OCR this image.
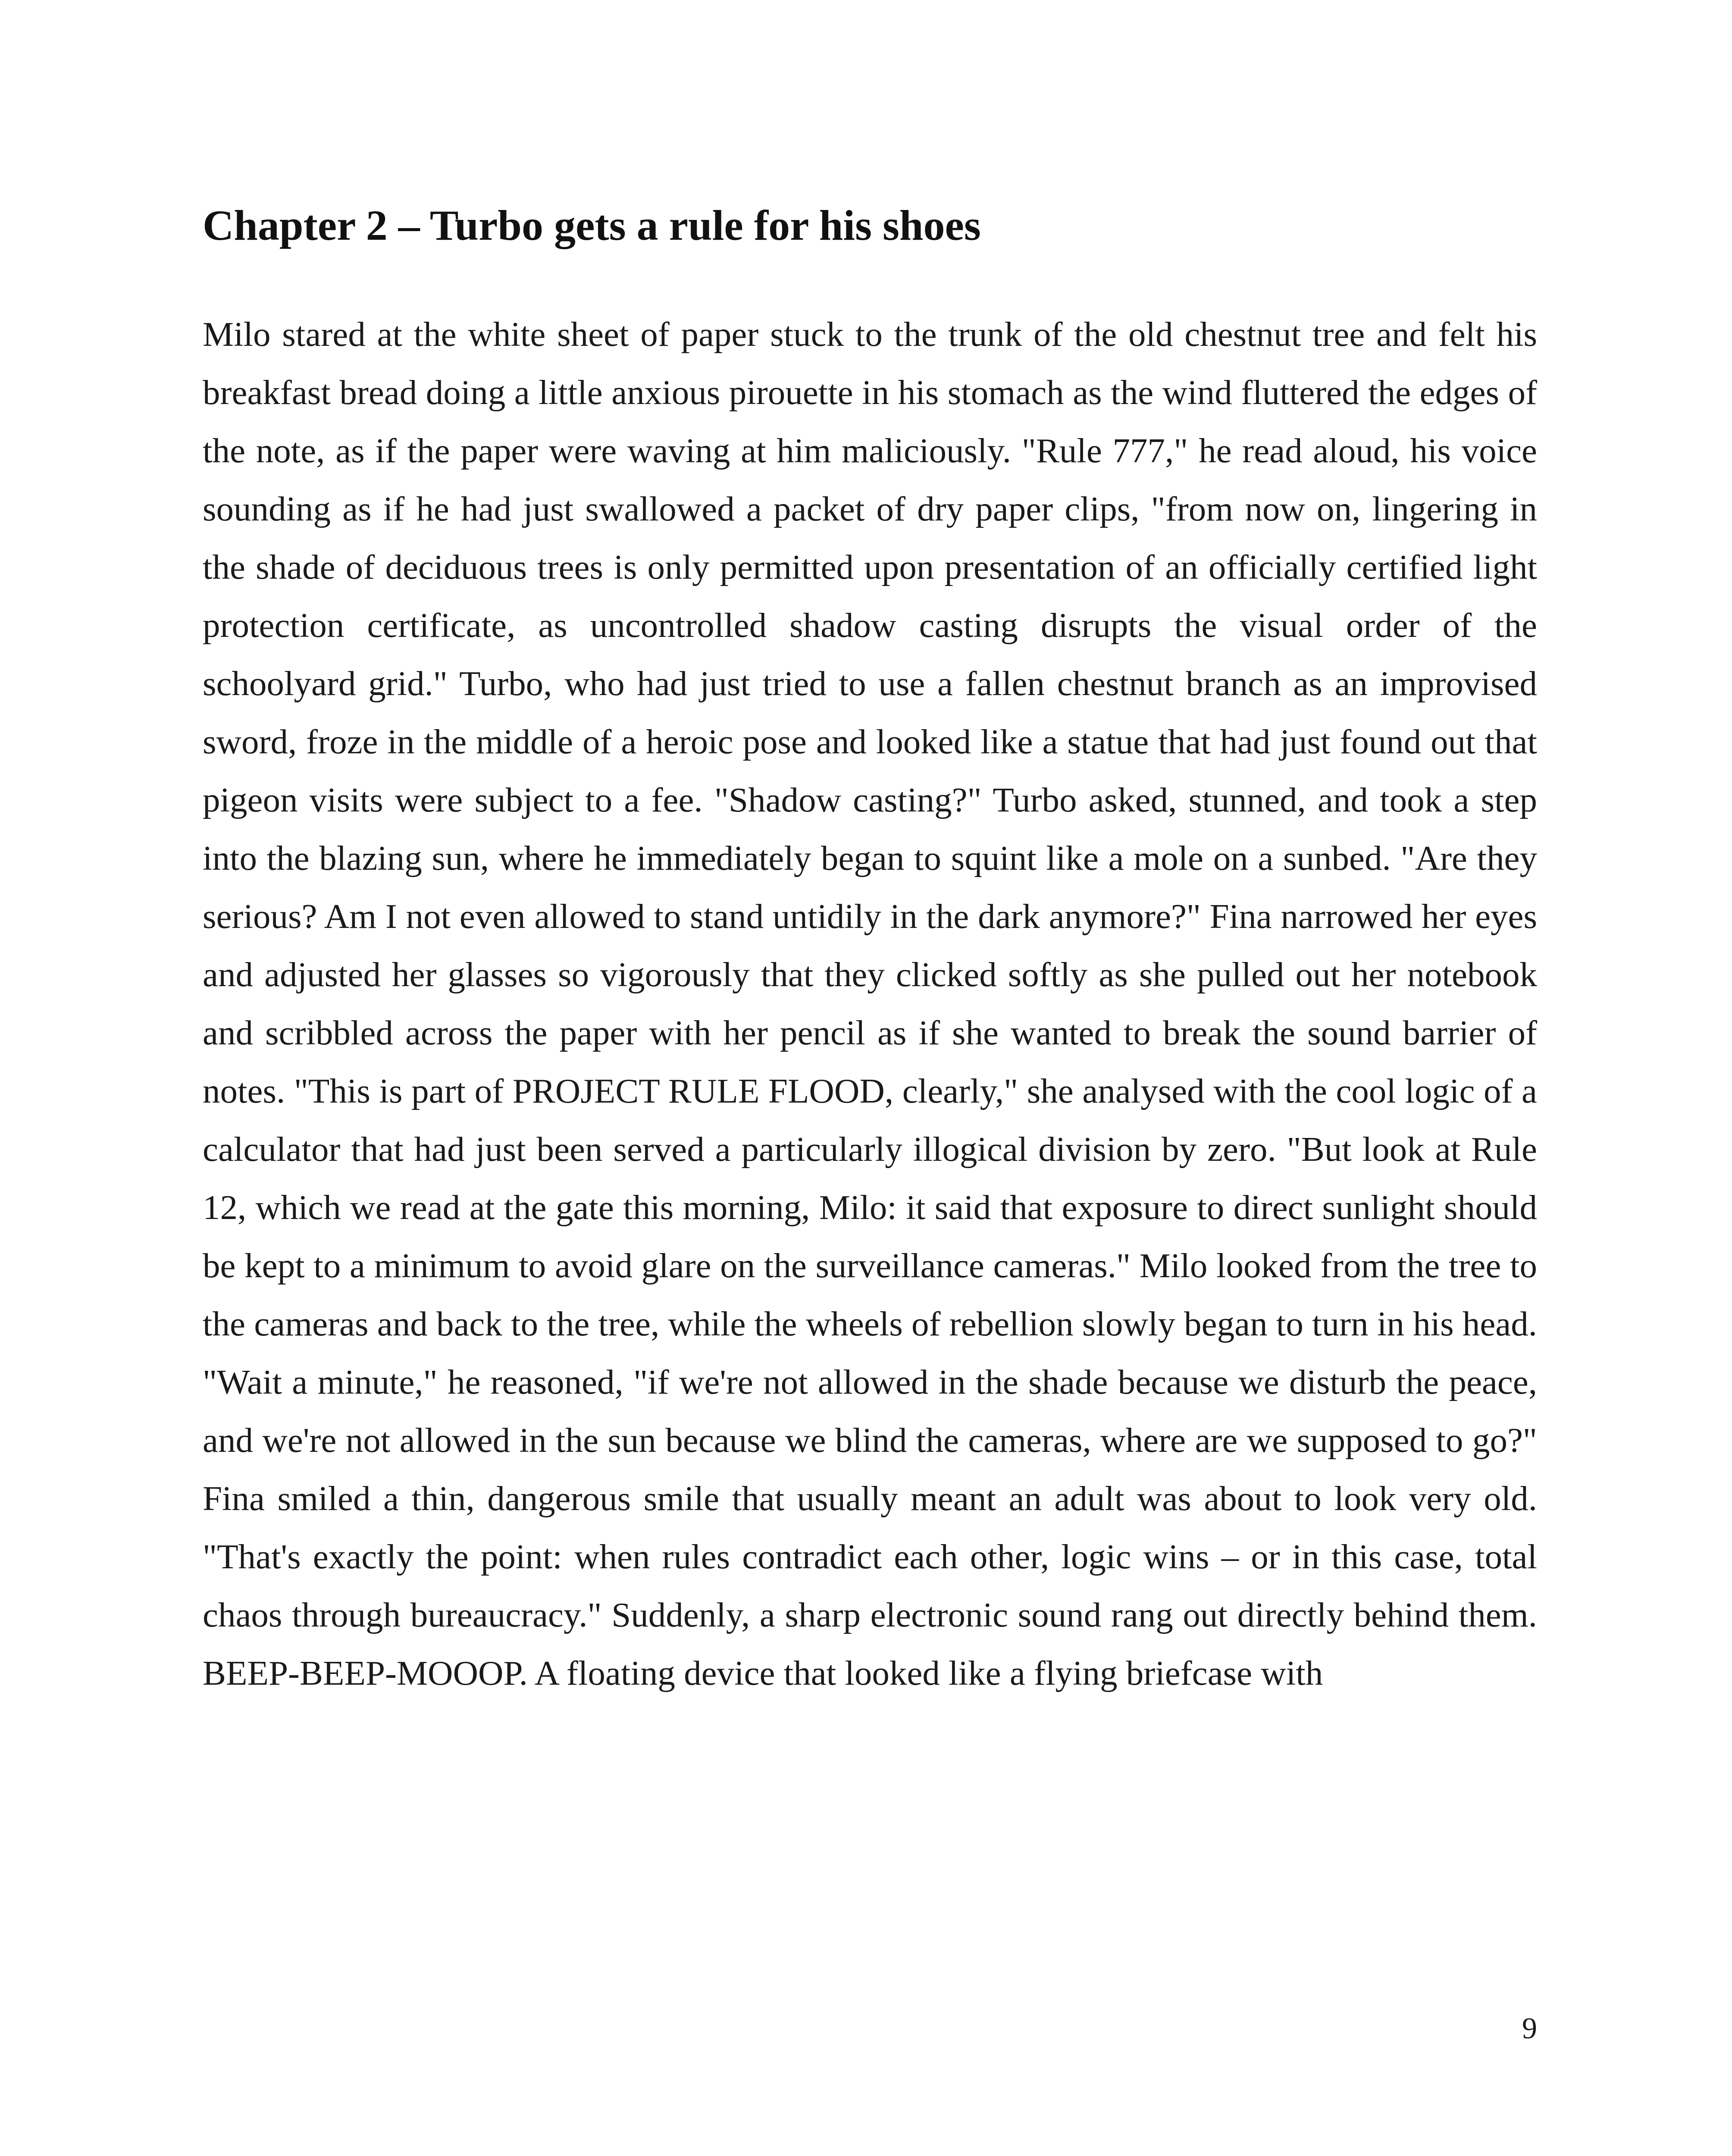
Chapter 2 – Turbo gets a rule for his shoes

Milo stared at the white sheet of paper stuck to the trunk of the old chestnut tree and felt his breakfast bread doing a little anxious pirouette in his stomach as the wind fluttered the edges of the note, as if the paper were waving at him maliciously. "Rule 777," he read aloud, his voice sounding as if he had just swallowed a packet of dry paper clips, "from now on, lingering in the shade of deciduous trees is only permitted upon presentation of an officially certified light protection certificate, as uncontrolled shadow casting disrupts the visual order of the schoolyard grid." Turbo, who had just tried to use a fallen chestnut branch as an improvised sword, froze in the middle of a heroic pose and looked like a statue that had just found out that pigeon visits were subject to a fee. "Shadow casting?" Turbo asked, stunned, and took a step into the blazing sun, where he immediately began to squint like a mole on a sunbed. "Are they serious? Am I not even allowed to stand untidily in the dark anymore?" Fina narrowed her eyes and adjusted her glasses so vigorously that they clicked softly as she pulled out her notebook and scribbled across the paper with her pencil as if she wanted to break the sound barrier of notes. "This is part of PROJECT RULE FLOOD, clearly," she analysed with the cool logic of a calculator that had just been served a particularly illogical division by zero. "But look at Rule 12, which we read at the gate this morning, Milo: it said that exposure to direct sunlight should be kept to a minimum to avoid glare on the surveillance cameras." Milo looked from the tree to the cameras and back to the tree, while the wheels of rebellion slowly began to turn in his head. "Wait a minute," he reasoned, "if we're not allowed in the shade because we disturb the peace, and we're not allowed in the sun because we blind the cameras, where are we supposed to go?" Fina smiled a thin, dangerous smile that usually meant an adult was about to look very old. "That's exactly the point: when rules contradict each other, logic wins – or in this case, total chaos through bureaucracy." Suddenly, a sharp electronic sound rang out directly behind them. BEEP-BEEP-MOOOP. A floating device that looked like a flying briefcase with

9
